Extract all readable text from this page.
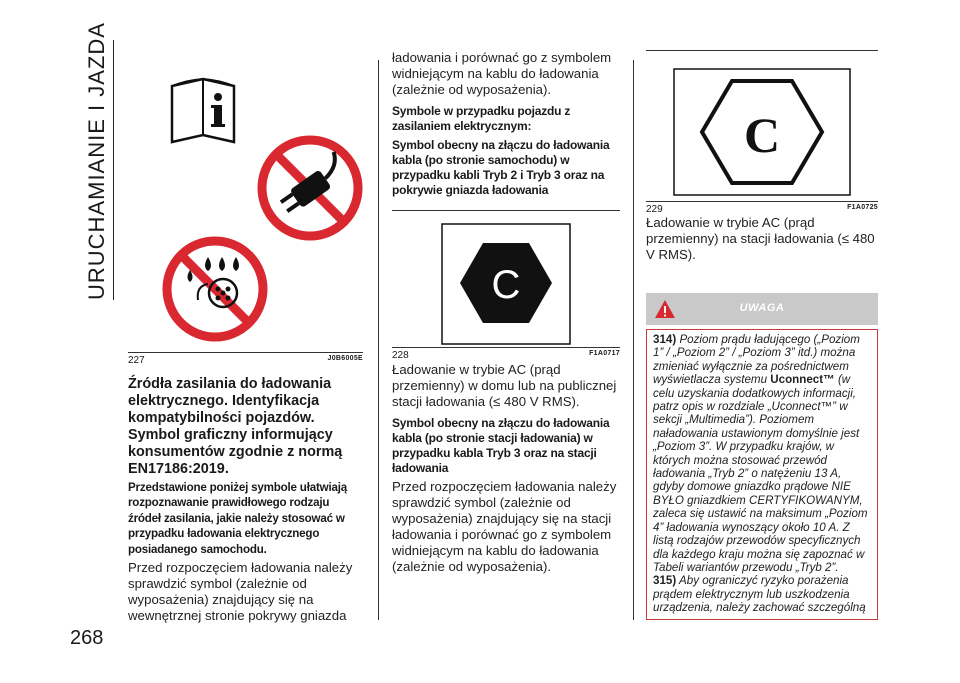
URUCHAMIANIE I JAZDA
268
227	J0B6005E

Źródła zasilania do ładowania elektrycznego. Identyfikacja kompatybilności pojazdów. Symbol graficzny informujący konsumentów zgodnie z normą EN17186:2019.

Przedstawione poniżej symbole ułatwiają rozpoznawanie prawidłowego rodzaju źródeł zasilania, jakie należy stosować w przypadku ładowania elektrycznego posiadanego samochodu.

Przed rozpoczęciem ładowania należy sprawdzić symbol (zależnie od wyposażenia) znajdujący się na wewnętrznej stronie pokrywy gniazda

ładowania i porównać go z symbolem widniejącym na kablu do ładowania (zależnie od wyposażenia).

Symbole w przypadku pojazdu z zasilaniem elektrycznym:

Symbol obecny na złączu do ładowania kabla (po stronie samochodu) w przypadku kabli Tryb 2 i Tryb 3 oraz na pokrywie gniazda ładowania

C
228	F1A0717

Ładowanie w trybie AC (prąd przemienny) w domu lub na publicznej stacji ładowania (≤ 480 V RMS).

Symbol obecny na złączu do ładowania kabla (po stronie stacji ładowania) w przypadku kabla Tryb 3 oraz na stacji ładowania

Przed rozpoczęciem ładowania należy sprawdzić symbol (zależnie od wyposażenia) znajdujący się na stacji ładowania i porównać go z symbolem widniejącym na kablu do ładowania (zależnie od wyposażenia).

C
229	F1A0725

Ładowanie w trybie AC (prąd przemienny) na stacji ładowania (≤ 480 V RMS).

UWAGA

314) Poziom prądu ładującego („Poziom 1” / „Poziom 2” / „Poziom 3” itd.) można zmieniać wyłącznie za pośrednictwem wyświetlacza systemu Uconnect™ (w celu uzyskania dodatkowych informacji, patrz opis w rozdziale „Uconnect™” w sekcji „Multimedia”). Poziomem naładowania ustawionym domyślnie jest „Poziom 3”. W przypadku krajów, w których można stosować przewód ładowania „Tryb 2” o natężeniu 13 A, gdyby domowe gniazdko prądowe NIE BYŁO gniazdkiem CERTYFIKOWANYM, zaleca się ustawić na maksimum „Poziom 4” ładowania wynoszący około 10 A. Z listą rodzajów przewodów specyficznych dla każdego kraju można się zapoznać w Tabeli wariantów przewodu „Tryb 2”.

315) Aby ograniczyć ryzyko porażenia prądem elektrycznym lub uszkodzenia urządzenia, należy zachować szczególną
